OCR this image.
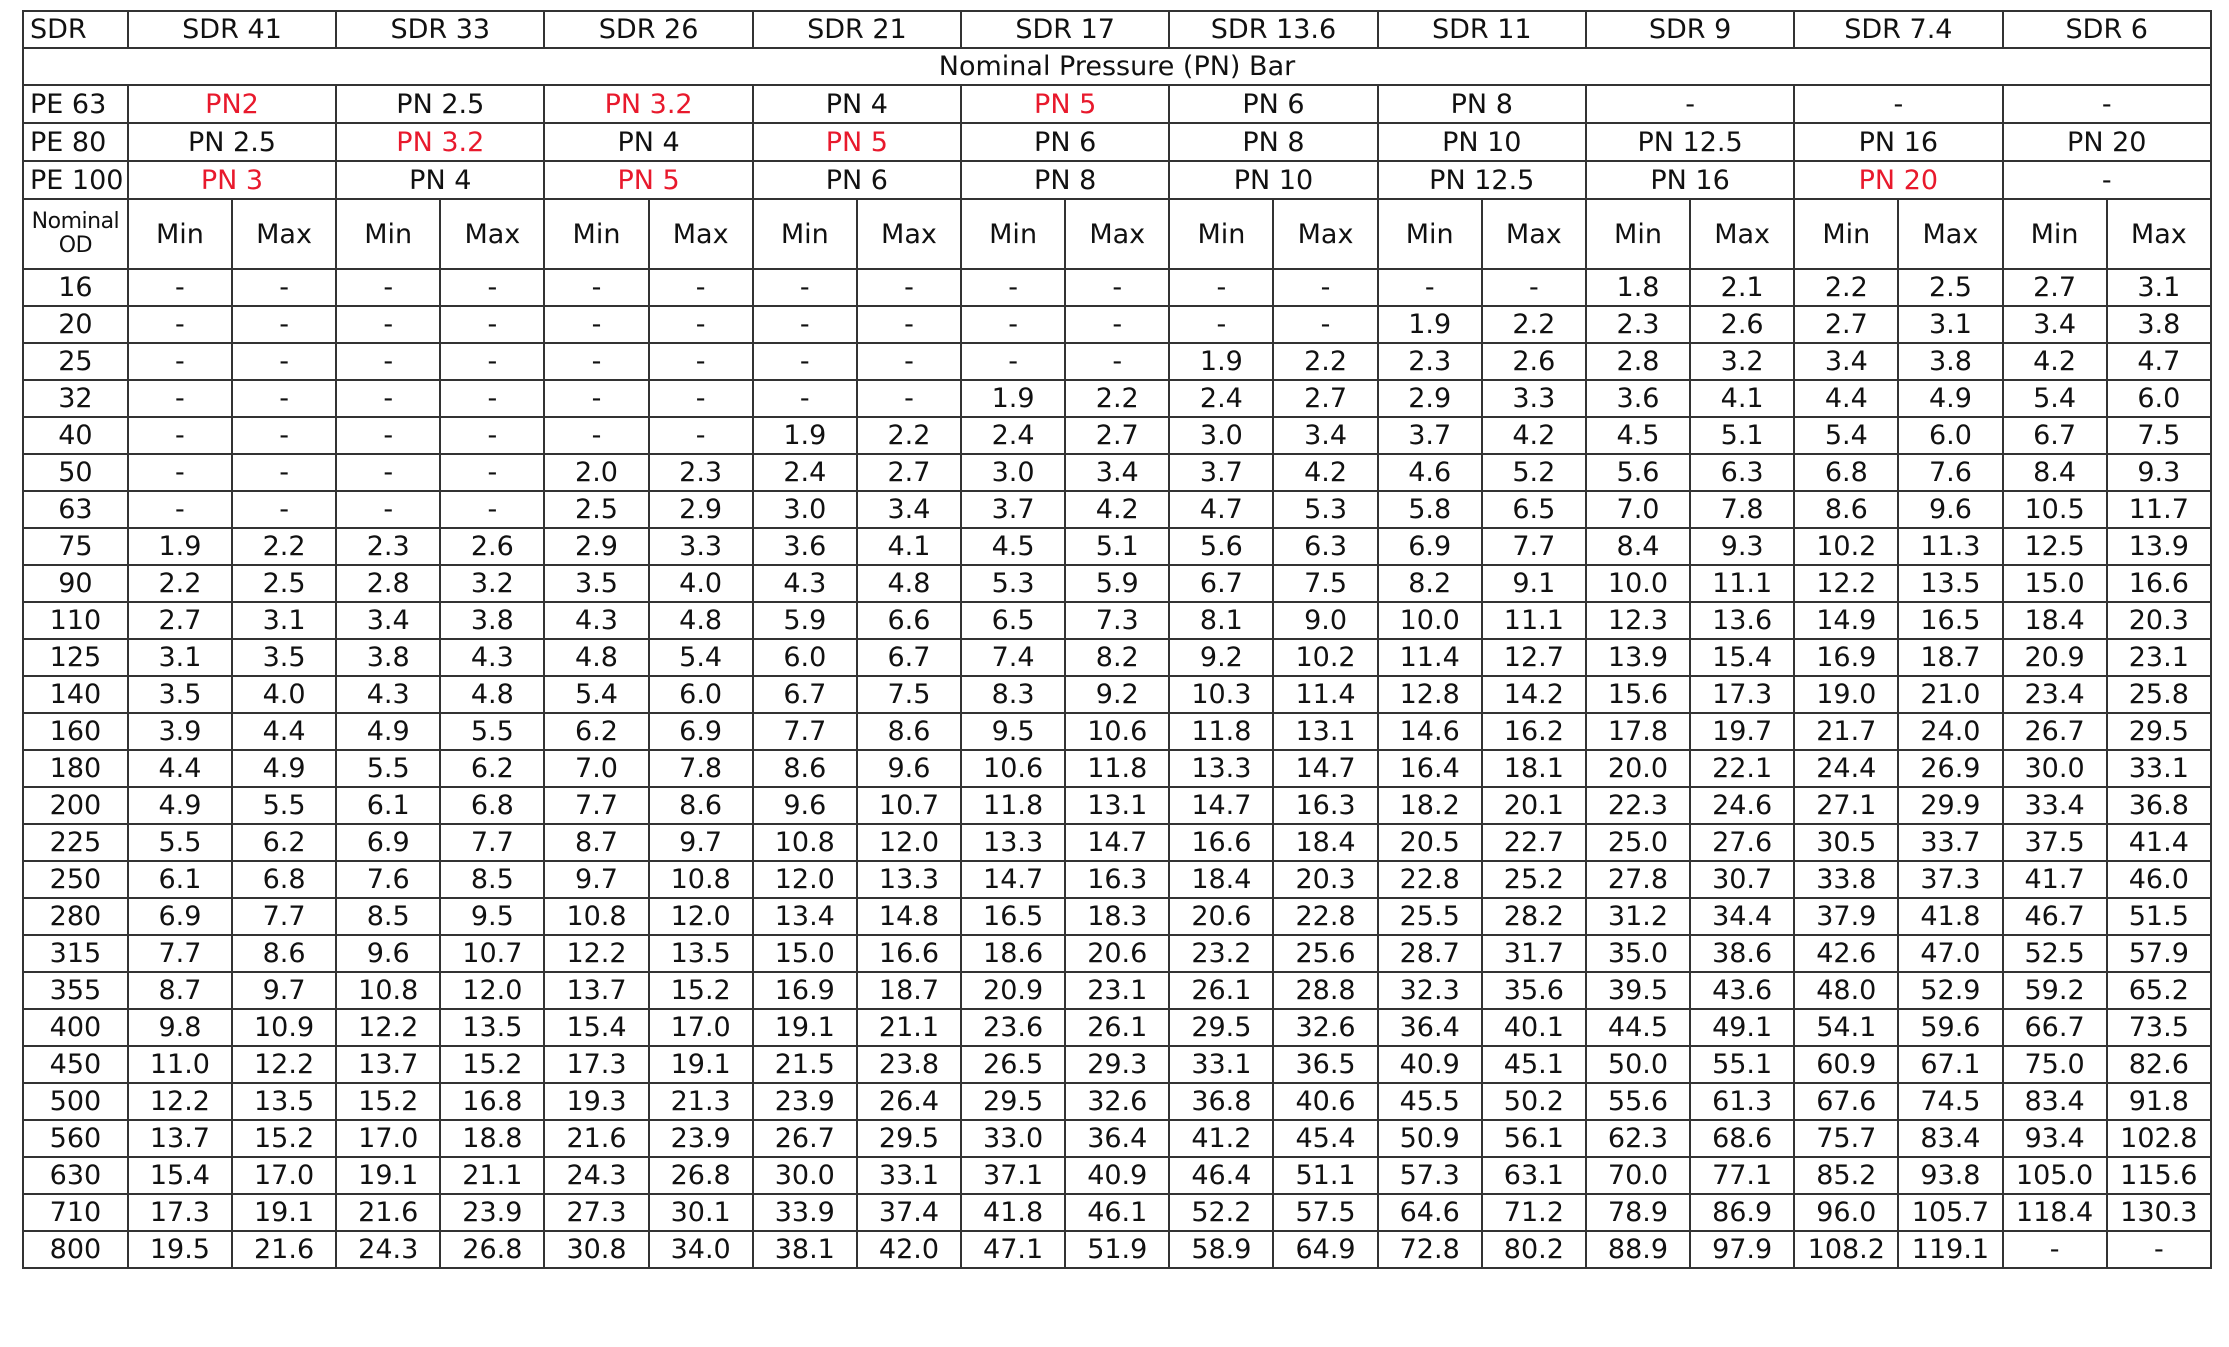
SDR	SDR 41		SDR 33		SDR 26		SDR 21		SDR 17		SDR 13.6		SDR 11		SDR 9		SDR 7.4		SDR 6	
Nominal Pressure (PN) Bar																				
PE 63	PN2		PN 2.5		PN 3.2		PN 4		PN 5		PN 6		PN 8		-		-		-	
PE 80	PN 2.5		PN 3.2		PN 4		PN 5		PN 6		PN 8		PN 10		PN 12.5		PN 16		PN 20	
PE 100	PN 3		PN 4		PN 5		PN 6		PN 8		PN 10		PN 12.5		PN 16		PN 20		-	

Nominal
OD	Min	Max	Min	Max	Min	Max	Min	Max	Min	Max	Min	Max	Min	Max	Min	Max	Min	Max	Min	Max
16	-	-	-	-	-	-	-	-	-	-	-	-	-	-	1.8	2.1	2.2	2.5	2.7	3.1
20	-	-	-	-	-	-	-	-	-	-	-	-	1.9	2.2	2.3	2.6	2.7	3.1	3.4	3.8
25	-	-	-	-	-	-	-	-	-	-	1.9	2.2	2.3	2.6	2.8	3.2	3.4	3.8	4.2	4.7
32	-	-	-	-	-	-	-	-	1.9	2.2	2.4	2.7	2.9	3.3	3.6	4.1	4.4	4.9	5.4	6.0
40	-	-	-	-	-	-	1.9	2.2	2.4	2.7	3.0	3.4	3.7	4.2	4.5	5.1	5.4	6.0	6.7	7.5
50	-	-	-	-	2.0	2.3	2.4	2.7	3.0	3.4	3.7	4.2	4.6	5.2	5.6	6.3	6.8	7.6	8.4	9.3
63	-	-	-	-	2.5	2.9	3.0	3.4	3.7	4.2	4.7	5.3	5.8	6.5	7.0	7.8	8.6	9.6	10.5	11.7
75	1.9	2.2	2.3	2.6	2.9	3.3	3.6	4.1	4.5	5.1	5.6	6.3	6.9	7.7	8.4	9.3	10.2	11.3	12.5	13.9
90	2.2	2.5	2.8	3.2	3.5	4.0	4.3	4.8	5.3	5.9	6.7	7.5	8.2	9.1	10.0	11.1	12.2	13.5	15.0	16.6
110	2.7	3.1	3.4	3.8	4.3	4.8	5.9	6.6	6.5	7.3	8.1	9.0	10.0	11.1	12.3	13.6	14.9	16.5	18.4	20.3
125	3.1	3.5	3.8	4.3	4.8	5.4	6.0	6.7	7.4	8.2	9.2	10.2	11.4	12.7	13.9	15.4	16.9	18.7	20.9	23.1
140	3.5	4.0	4.3	4.8	5.4	6.0	6.7	7.5	8.3	9.2	10.3	11.4	12.8	14.2	15.6	17.3	19.0	21.0	23.4	25.8
160	3.9	4.4	4.9	5.5	6.2	6.9	7.7	8.6	9.5	10.6	11.8	13.1	14.6	16.2	17.8	19.7	21.7	24.0	26.7	29.5
180	4.4	4.9	5.5	6.2	7.0	7.8	8.6	9.6	10.6	11.8	13.3	14.7	16.4	18.1	20.0	22.1	24.4	26.9	30.0	33.1
200	4.9	5.5	6.1	6.8	7.7	8.6	9.6	10.7	11.8	13.1	14.7	16.3	18.2	20.1	22.3	24.6	27.1	29.9	33.4	36.8
225	5.5	6.2	6.9	7.7	8.7	9.7	10.8	12.0	13.3	14.7	16.6	18.4	20.5	22.7	25.0	27.6	30.5	33.7	37.5	41.4
250	6.1	6.8	7.6	8.5	9.7	10.8	12.0	13.3	14.7	16.3	18.4	20.3	22.8	25.2	27.8	30.7	33.8	37.3	41.7	46.0
280	6.9	7.7	8.5	9.5	10.8	12.0	13.4	14.8	16.5	18.3	20.6	22.8	25.5	28.2	31.2	34.4	37.9	41.8	46.7	51.5
315	7.7	8.6	9.6	10.7	12.2	13.5	15.0	16.6	18.6	20.6	23.2	25.6	28.7	31.7	35.0	38.6	42.6	47.0	52.5	57.9
355	8.7	9.7	10.8	12.0	13.7	15.2	16.9	18.7	20.9	23.1	26.1	28.8	32.3	35.6	39.5	43.6	48.0	52.9	59.2	65.2
400	9.8	10.9	12.2	13.5	15.4	17.0	19.1	21.1	23.6	26.1	29.5	32.6	36.4	40.1	44.5	49.1	54.1	59.6	66.7	73.5
450	11.0	12.2	13.7	15.2	17.3	19.1	21.5	23.8	26.5	29.3	33.1	36.5	40.9	45.1	50.0	55.1	60.9	67.1	75.0	82.6
500	12.2	13.5	15.2	16.8	19.3	21.3	23.9	26.4	29.5	32.6	36.8	40.6	45.5	50.2	55.6	61.3	67.6	74.5	83.4	91.8
560	13.7	15.2	17.0	18.8	21.6	23.9	26.7	29.5	33.0	36.4	41.2	45.4	50.9	56.1	62.3	68.6	75.7	83.4	93.4	102.8
630	15.4	17.0	19.1	21.1	24.3	26.8	30.0	33.1	37.1	40.9	46.4	51.1	57.3	63.1	70.0	77.1	85.2	93.8	105.0	115.6
710	17.3	19.1	21.6	23.9	27.3	30.1	33.9	37.4	41.8	46.1	52.2	57.5	64.6	71.2	78.9	86.9	96.0	105.7	118.4	130.3
800	19.5	21.6	24.3	26.8	30.8	34.0	38.1	42.0	47.1	51.9	58.9	64.9	72.8	80.2	88.9	97.9	108.2	119.1	-	-
